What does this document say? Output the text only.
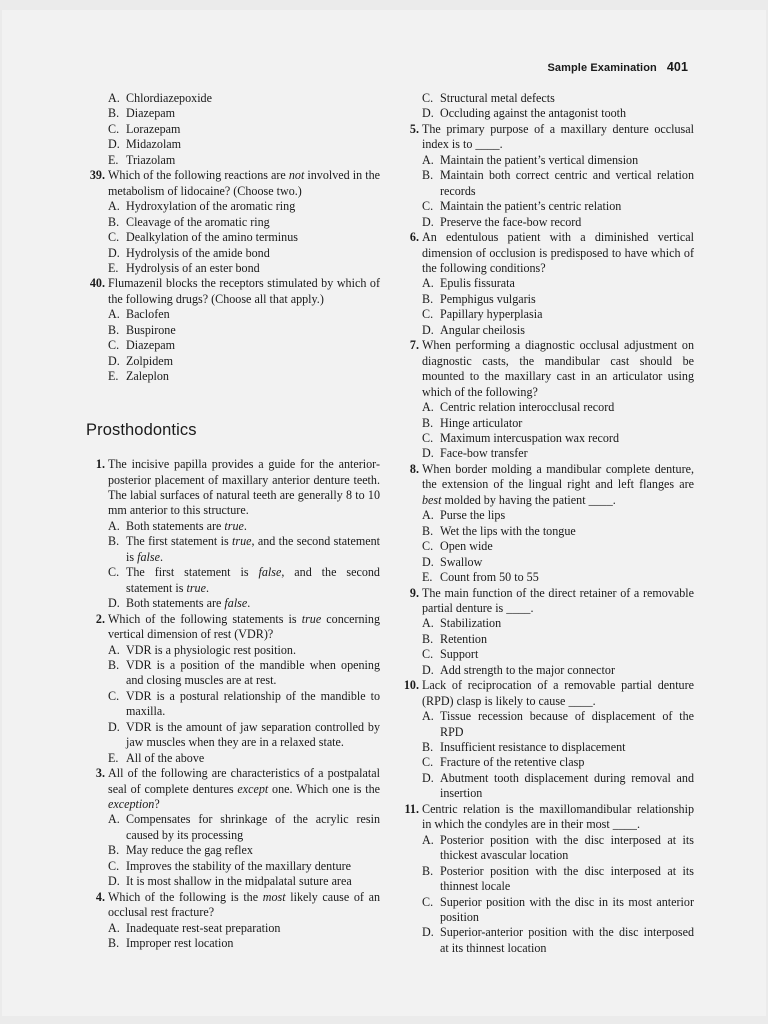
Sample Examination 401
A. Chlordiazepoxide
B. Diazepam
C. Lorazepam
D. Midazolam
E. Triazolam
39. Which of the following reactions are not involved in the metabolism of lidocaine? (Choose two.)
A. Hydroxylation of the aromatic ring
B. Cleavage of the aromatic ring
C. Dealkylation of the amino terminus
D. Hydrolysis of the amide bond
E. Hydrolysis of an ester bond
40. Flumazenil blocks the receptors stimulated by which of the following drugs? (Choose all that apply.)
A. Baclofen
B. Buspirone
C. Diazepam
D. Zolpidem
E. Zaleplon
Prosthodontics
1. The incisive papilla provides a guide for the anterior-posterior placement of maxillary anterior denture teeth. The labial surfaces of natural teeth are generally 8 to 10 mm anterior to this structure.
A. Both statements are true.
B. The first statement is true, and the second statement is false.
C. The first statement is false, and the second statement is true.
D. Both statements are false.
2. Which of the following statements is true concerning vertical dimension of rest (VDR)?
A. VDR is a physiologic rest position.
B. VDR is a position of the mandible when opening and closing muscles are at rest.
C. VDR is a postural relationship of the mandible to maxilla.
D. VDR is the amount of jaw separation controlled by jaw muscles when they are in a relaxed state.
E. All of the above
3. All of the following are characteristics of a postpalatal seal of complete dentures except one. Which one is the exception?
A. Compensates for shrinkage of the acrylic resin caused by its processing
B. May reduce the gag reflex
C. Improves the stability of the maxillary denture
D. It is most shallow in the midpalatal suture area
4. Which of the following is the most likely cause of an occlusal rest fracture?
A. Inadequate rest-seat preparation
B. Improper rest location
C. Structural metal defects
D. Occluding against the antagonist tooth
5. The primary purpose of a maxillary denture occlusal index is to ____.
A. Maintain the patient’s vertical dimension
B. Maintain both correct centric and vertical relation records
C. Maintain the patient’s centric relation
D. Preserve the face-bow record
6. An edentulous patient with a diminished vertical dimension of occlusion is predisposed to have which of the following conditions?
A. Epulis fissurata
B. Pemphigus vulgaris
C. Papillary hyperplasia
D. Angular cheilosis
7. When performing a diagnostic occlusal adjustment on diagnostic casts, the mandibular cast should be mounted to the maxillary cast in an articulator using which of the following?
A. Centric relation interocclusal record
B. Hinge articulator
C. Maximum intercuspation wax record
D. Face-bow transfer
8. When border molding a mandibular complete denture, the extension of the lingual right and left flanges are best molded by having the patient ____.
A. Purse the lips
B. Wet the lips with the tongue
C. Open wide
D. Swallow
E. Count from 50 to 55
9. The main function of the direct retainer of a removable partial denture is ____.
A. Stabilization
B. Retention
C. Support
D. Add strength to the major connector
10. Lack of reciprocation of a removable partial denture (RPD) clasp is likely to cause ____.
A. Tissue recession because of displacement of the RPD
B. Insufficient resistance to displacement
C. Fracture of the retentive clasp
D. Abutment tooth displacement during removal and insertion
11. Centric relation is the maxillomandibular relationship in which the condyles are in their most ____.
A. Posterior position with the disc interposed at its thickest avascular location
B. Posterior position with the disc interposed at its thinnest locale
C. Superior position with the disc in its most anterior position
D. Superior-anterior position with the disc interposed at its thinnest location
